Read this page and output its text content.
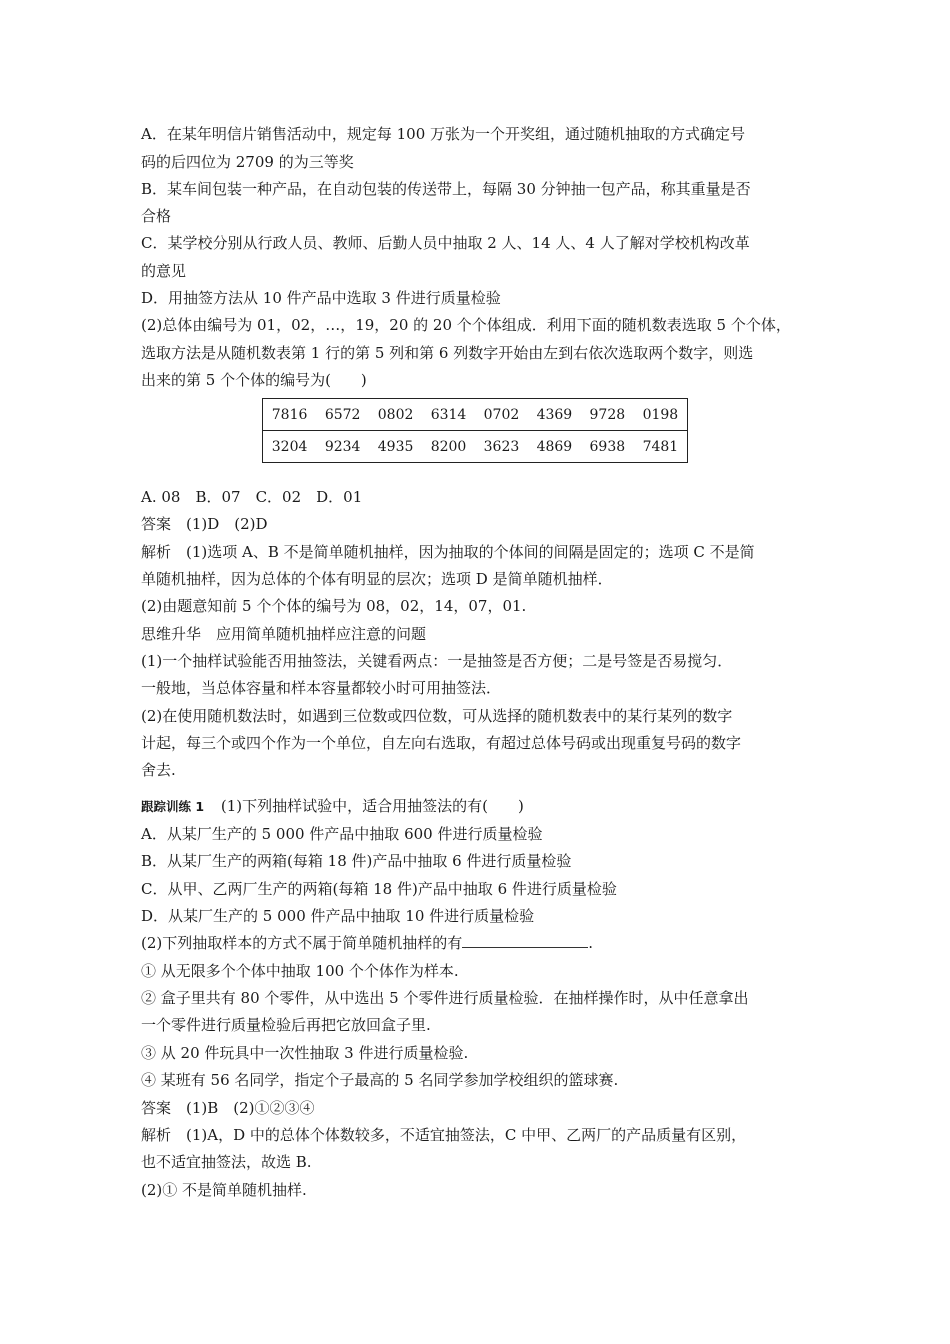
A．在某年明信片销售活动中，规定每 100 万张为一个开奖组，通过随机抽取的方式确定号
码的后四位为 2709 的为三等奖
B．某车间包装一种产品，在自动包装的传送带上，每隔 30 分钟抽一包产品，称其重量是否
合格
C．某学校分别从行政人员、教师、后勤人员中抽取 2 人、14 人、4 人了解对学校机构改革
的意见
D．用抽签方法从 10 件产品中选取 3 件进行质量检验
(2)总体由编号为 01，02，…，19，20 的 20 个个体组成．利用下面的随机数表选取 5 个个体，
选取方法是从随机数表第 1 行的第 5 列和第 6 列数字开始由左到右依次选取两个数字，则选
出来的第 5 个个体的编号为(　　)
7816	6572	0802	6314	0702	4369	9728	0198
3204	9234	4935	8200	3623	4869	6938	7481
A. 08　B．07　C．02　D．01
答案　(1)D　(2)D
解析　(1)选项 A、B 不是简单随机抽样，因为抽取的个体间的间隔是固定的；选项 C 不是简
单随机抽样，因为总体的个体有明显的层次；选项 D 是简单随机抽样．
(2)由题意知前 5 个个体的编号为 08，02，14，07，01.
思维升华　应用简单随机抽样应注意的问题
(1)一个抽样试验能否用抽签法，关键看两点：一是抽签是否方便；二是号签是否易搅匀．
一般地，当总体容量和样本容量都较小时可用抽签法．
(2)在使用随机数法时，如遇到三位数或四位数，可从选择的随机数表中的某行某列的数字
计起，每三个或四个作为一个单位，自左向右选取，有超过总体号码或出现重复号码的数字
舍去.
跟踪训练 1 (1)下列抽样试验中，适合用抽签法的有(　　)
A．从某厂生产的 5 000 件产品中抽取 600 件进行质量检验
B．从某厂生产的两箱(每箱 18 件)产品中抽取 6 件进行质量检验
C．从甲、乙两厂生产的两箱(每箱 18 件)产品中抽取 6 件进行质量检验
D．从某厂生产的 5 000 件产品中抽取 10 件进行质量检验
(2)下列抽取样本的方式不属于简单随机抽样的有	.
① 从无限多个个体中抽取 100 个个体作为样本.
② 盒子里共有 80 个零件，从中选出 5 个零件进行质量检验．在抽样操作时，从中任意拿出
一个零件进行质量检验后再把它放回盒子里.
③ 从 20 件玩具中一次性抽取 3 件进行质量检验.
④ 某班有 56 名同学，指定个子最高的 5 名同学参加学校组织的篮球赛.
答案　(1)B　(2)①②③④
解析　(1)A，D 中的总体个体数较多，不适宜抽签法，C 中甲、乙两厂的产品质量有区别，
也不适宜抽签法，故选 B.
(2)① 不是简单随机抽样.
